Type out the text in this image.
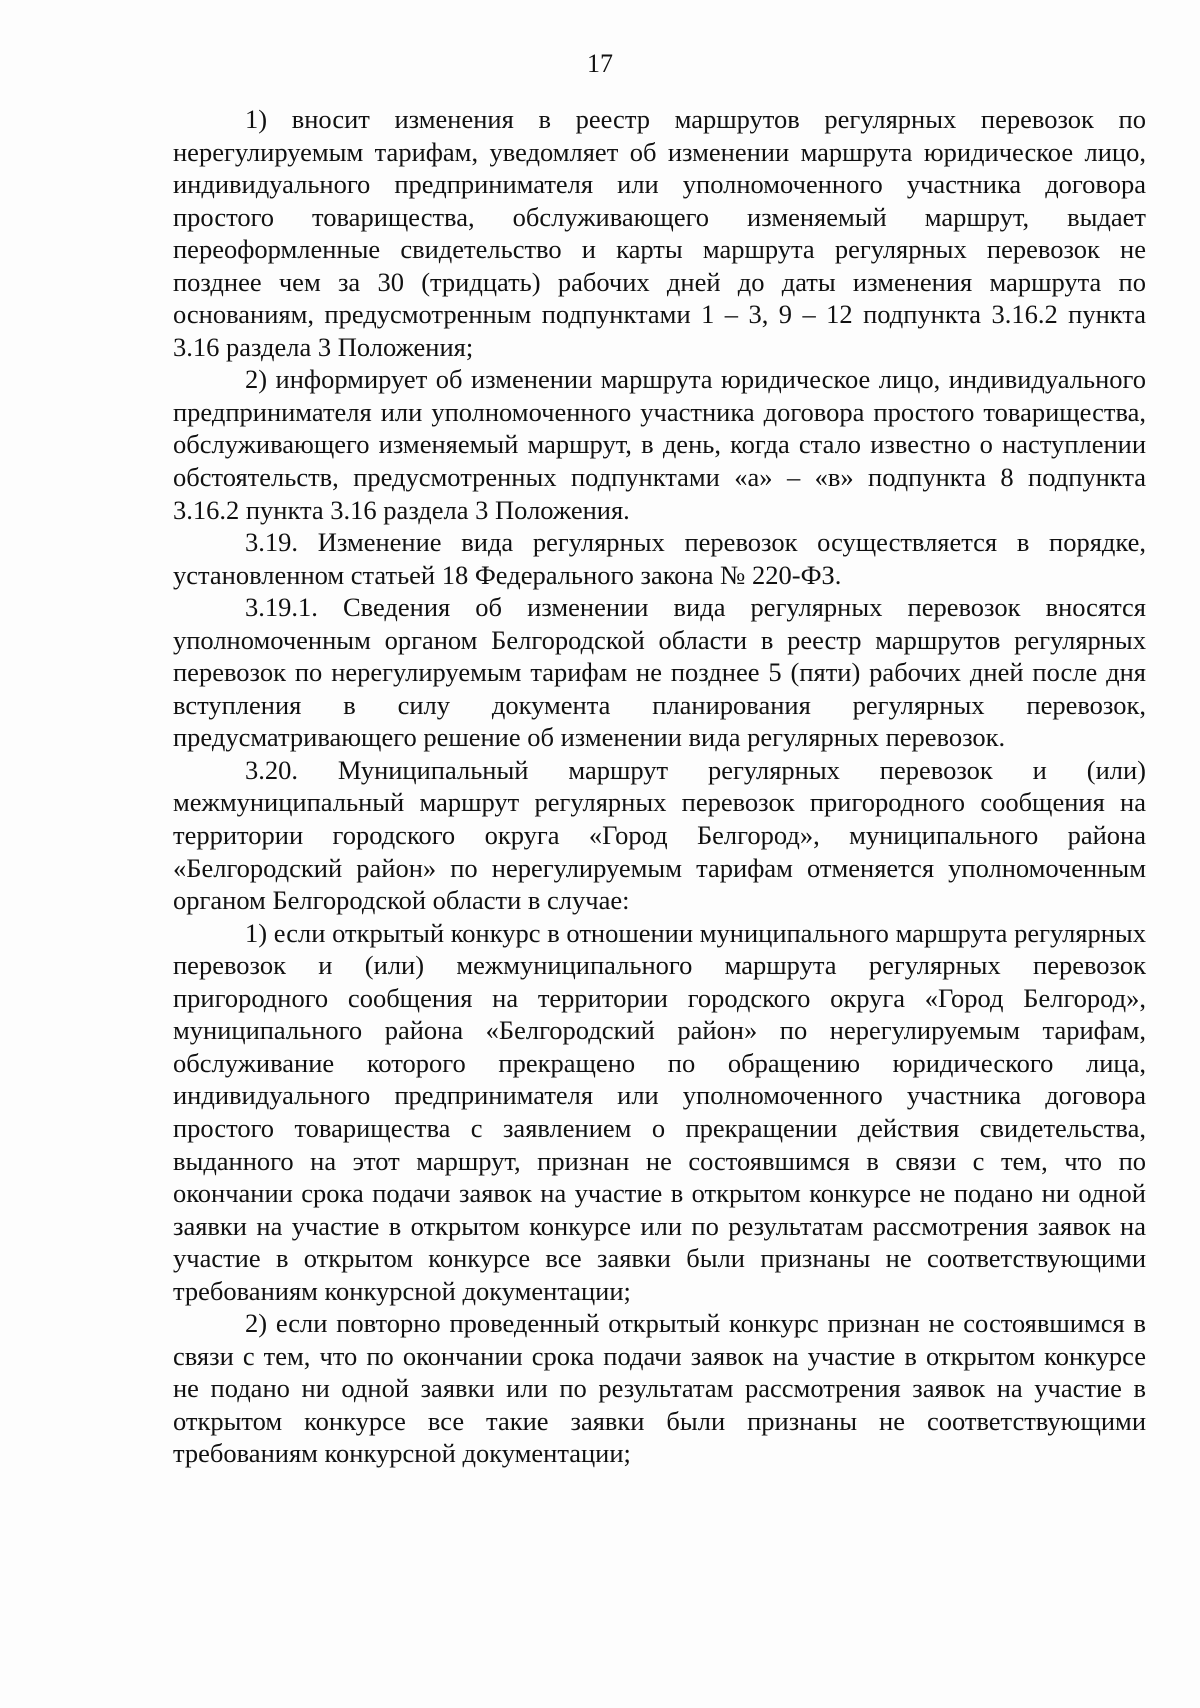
17

1) вносит изменения в реестр маршрутов регулярных перевозок по нерегулируемым тарифам, уведомляет об изменении маршрута юридическое лицо, индивидуального предпринимателя или уполномоченного участника договора простого товарищества, обслуживающего изменяемый маршрут, выдает переоформленные свидетельство и карты маршрута регулярных перевозок не позднее чем за 30 (тридцать) рабочих дней до даты изменения маршрута по основаниям, предусмотренным подпунктами 1 – 3, 9 – 12 подпункта 3.16.2 пункта 3.16 раздела 3 Положения;

2) информирует об изменении маршрута юридическое лицо, индивидуального предпринимателя или уполномоченного участника договора простого товарищества, обслуживающего изменяемый маршрут, в день, когда стало известно о наступлении обстоятельств, предусмотренных подпунктами «а» – «в» подпункта 8 подпункта 3.16.2 пункта 3.16 раздела 3 Положения.

3.19. Изменение вида регулярных перевозок осуществляется в порядке, установленном статьей 18 Федерального закона № 220-ФЗ.

3.19.1. Сведения об изменении вида регулярных перевозок вносятся уполномоченным органом Белгородской области в реестр маршрутов регулярных перевозок по нерегулируемым тарифам не позднее 5 (пяти) рабочих дней после дня вступления в силу документа планирования регулярных перевозок, предусматривающего решение об изменении вида регулярных перевозок.

3.20. Муниципальный маршрут регулярных перевозок и (или) межмуниципальный маршрут регулярных перевозок пригородного сообщения на территории городского округа «Город Белгород», муниципального района «Белгородский район» по нерегулируемым тарифам отменяется уполномоченным органом Белгородской области в случае:

1) если открытый конкурс в отношении муниципального маршрута регулярных перевозок и (или) межмуниципального маршрута регулярных перевозок пригородного сообщения на территории городского округа «Город Белгород», муниципального района «Белгородский район» по нерегулируемым тарифам, обслуживание которого прекращено по обращению юридического лица, индивидуального предпринимателя или уполномоченного участника договора простого товарищества с заявлением о прекращении действия свидетельства, выданного на этот маршрут, признан не состоявшимся в связи с тем, что по окончании срока подачи заявок на участие в открытом конкурсе не подано ни одной заявки на участие в открытом конкурсе или по результатам рассмотрения заявок на участие в открытом конкурсе все заявки были признаны не соответствующими требованиям конкурсной документации;

2) если повторно проведенный открытый конкурс признан не состоявшимся в связи с тем, что по окончании срока подачи заявок на участие в открытом конкурсе не подано ни одной заявки или по результатам рассмотрения заявок на участие в открытом конкурсе все такие заявки были признаны не соответствующими требованиям конкурсной документации;
